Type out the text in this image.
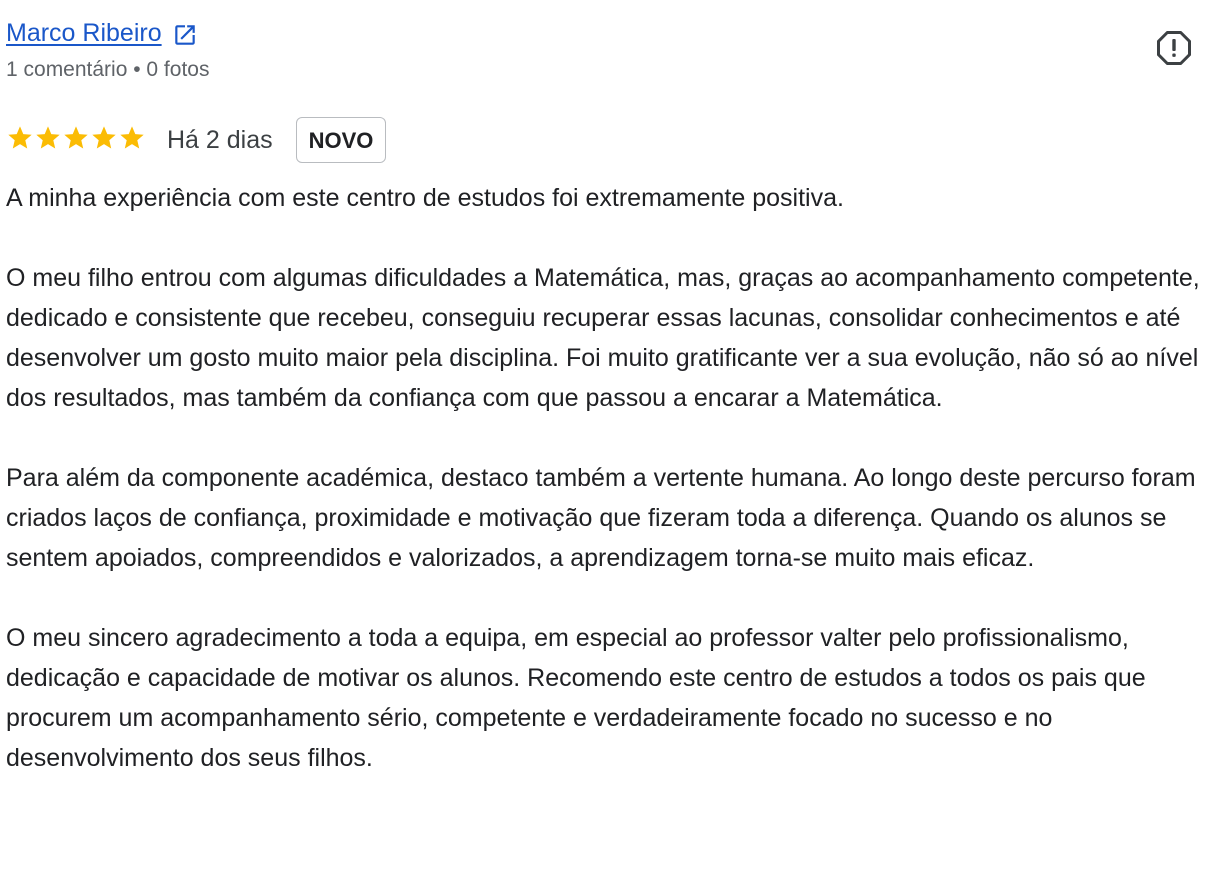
Marco Ribeiro
1 comentário • 0 fotos
Há 2 dias	NOVO

A minha experiência com este centro de estudos foi extremamente positiva.

O meu filho entrou com algumas dificuldades a Matemática, mas, graças ao acompanhamento competente, dedicado e consistente que recebeu, conseguiu recuperar essas lacunas, consolidar conhecimentos e até desenvolver um gosto muito maior pela disciplina. Foi muito gratificante ver a sua evolução, não só ao nível dos resultados, mas também da confiança com que passou a encarar a Matemática.

Para além da componente académica, destaco também a vertente humana. Ao longo deste percurso foram criados laços de confiança, proximidade e motivação que fizeram toda a diferença. Quando os alunos se sentem apoiados, compreendidos e valorizados, a aprendizagem torna-se muito mais eficaz.

O meu sincero agradecimento a toda a equipa, em especial ao professor valter pelo profissionalismo, dedicação e capacidade de motivar os alunos. Recomendo este centro de estudos a todos os pais que procurem um acompanhamento sério, competente e verdadeiramente focado no sucesso e no desenvolvimento dos seus filhos.
